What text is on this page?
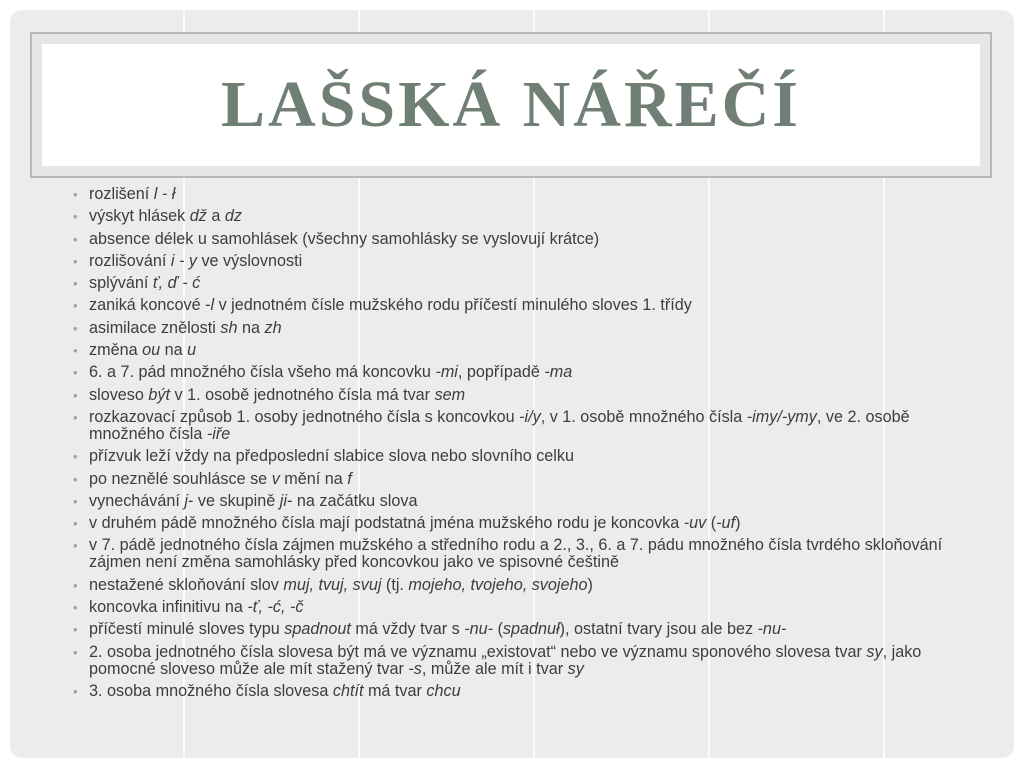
LAŠSKÁ NÁŘEČÍ
• rozlišení l - ł
• výskyt hlásek dž a dz
• absence délek u samohlásek (všechny samohlásky se vyslovují krátce)
• rozlišování i - y ve výslovnosti
• splývání ť, ď - ć
• zaniká koncové -l v jednotném čísle mužského rodu příčestí minulého sloves 1. třídy
• asimilace znělosti sh na zh
• změna ou na u
• 6. a 7. pád množného čísla všeho má koncovku -mi, popřípadě -ma
• sloveso být v 1. osobě jednotného čísla má tvar sem
• rozkazovací způsob 1. osoby jednotného čísla s koncovkou -i/y, v 1. osobě množného čísla -imy/-ymy, ve 2. osobě množného čísla -iře
• přízvuk leží vždy na předposlední slabice slova nebo slovního celku
• po neznělé souhlásce se v mění na f
• vynechávání j- ve skupině ji- na začátku slova
• v druhém pádě množného čísla mají podstatná jména mužského rodu je koncovka -uv (-uf)
• v 7. pádě jednotného čísla zájmen mužského a středního rodu a 2., 3., 6. a 7. pádu množného čísla tvrdého skloňování zájmen není změna samohlásky před koncovkou jako ve spisovné češtině
• nestažené skloňování slov muj, tvuj, svuj (tj. mojeho, tvojeho, svojeho)
• koncovka infinitivu na -ť, -ć, -č
• příčestí minulé sloves typu spadnout má vždy tvar s -nu- (spadnuł), ostatní tvary jsou ale bez -nu-
• 2. osoba jednotného čísla slovesa být má ve významu „existovat“ nebo ve významu sponového slovesa tvar sy, jako pomocné sloveso může ale mít stažený tvar -s, může ale mít i tvar sy
• 3. osoba množného čísla slovesa chtít má tvar chcu
